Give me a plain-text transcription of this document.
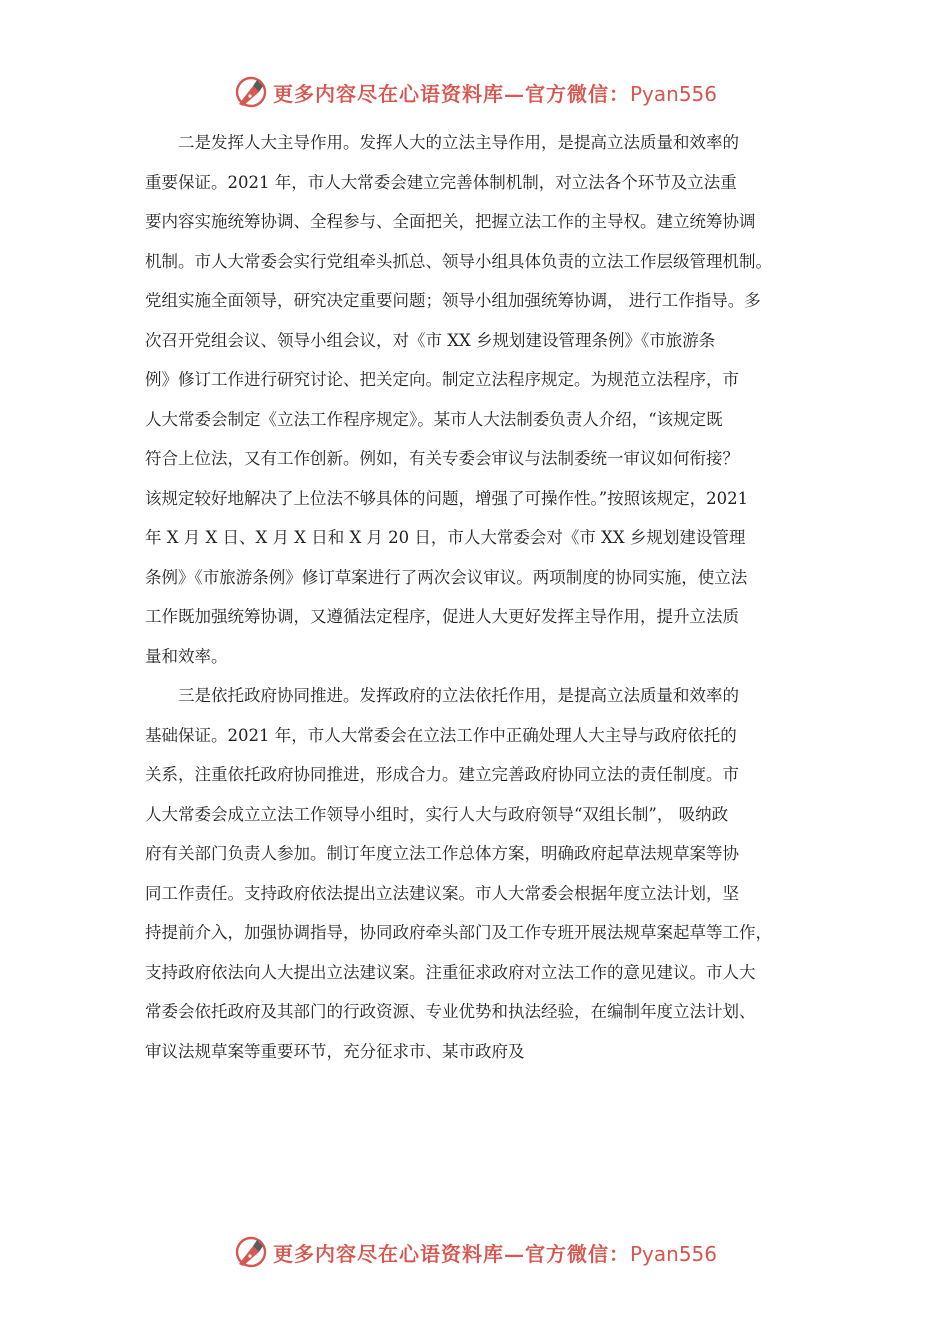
更多内容尽在心语资料库—官方微信：Pyan556

二是发挥人大主导作用。发挥人大的立法主导作用，是提高立法质量和效率的
重要保证。2021 年，市人大常委会建立完善体制机制，对立法各个环节及立法重
要内容实施统筹协调、全程参与、全面把关，把握立法工作的主导权。建立统筹协调
机制。市人大常委会实行党组牵头抓总、领导小组具体负责的立法工作层级管理机制。
党组实施全面领导，研究决定重要问题；领导小组加强统筹协调， 进行工作指导。多
次召开党组会议、领导小组会议，对《市 XX 乡规划建设管理条例》《市旅游条
例》修订工作进行研究讨论、把关定向。制定立法程序规定。为规范立法程序，市
人大常委会制定《立法工作程序规定》。某市人大法制委负责人介绍，“该规定既
符合上位法，又有工作创新。例如，有关专委会审议与法制委统一审议如何衔接？
该规定较好地解决了上位法不够具体的问题，增强了可操作性。”按照该规定，2021
年 X 月 X 日、X 月 X 日和 X 月 20 日，市人大常委会对《市 XX 乡规划建设管理
条例》《市旅游条例》修订草案进行了两次会议审议。两项制度的协同实施，使立法
工作既加强统筹协调，又遵循法定程序，促进人大更好发挥主导作用，提升立法质
量和效率。

三是依托政府协同推进。发挥政府的立法依托作用，是提高立法质量和效率的
基础保证。2021 年，市人大常委会在立法工作中正确处理人大主导与政府依托的
关系，注重依托政府协同推进，形成合力。建立完善政府协同立法的责任制度。市
人大常委会成立立法工作领导小组时，实行人大与政府领导“双组长制”， 吸纳政
府有关部门负责人参加。制订年度立法工作总体方案，明确政府起草法规草案等协
同工作责任。支持政府依法提出立法建议案。市人大常委会根据年度立法计划，坚
持提前介入，加强协调指导，协同政府牵头部门及工作专班开展法规草案起草等工作，
支持政府依法向人大提出立法建议案。注重征求政府对立法工作的意见建议。市人大
常委会依托政府及其部门的行政资源、专业优势和执法经验，在编制年度立法计划、
审议法规草案等重要环节，充分征求市、某市政府及

更多内容尽在心语资料库—官方微信：Pyan556
